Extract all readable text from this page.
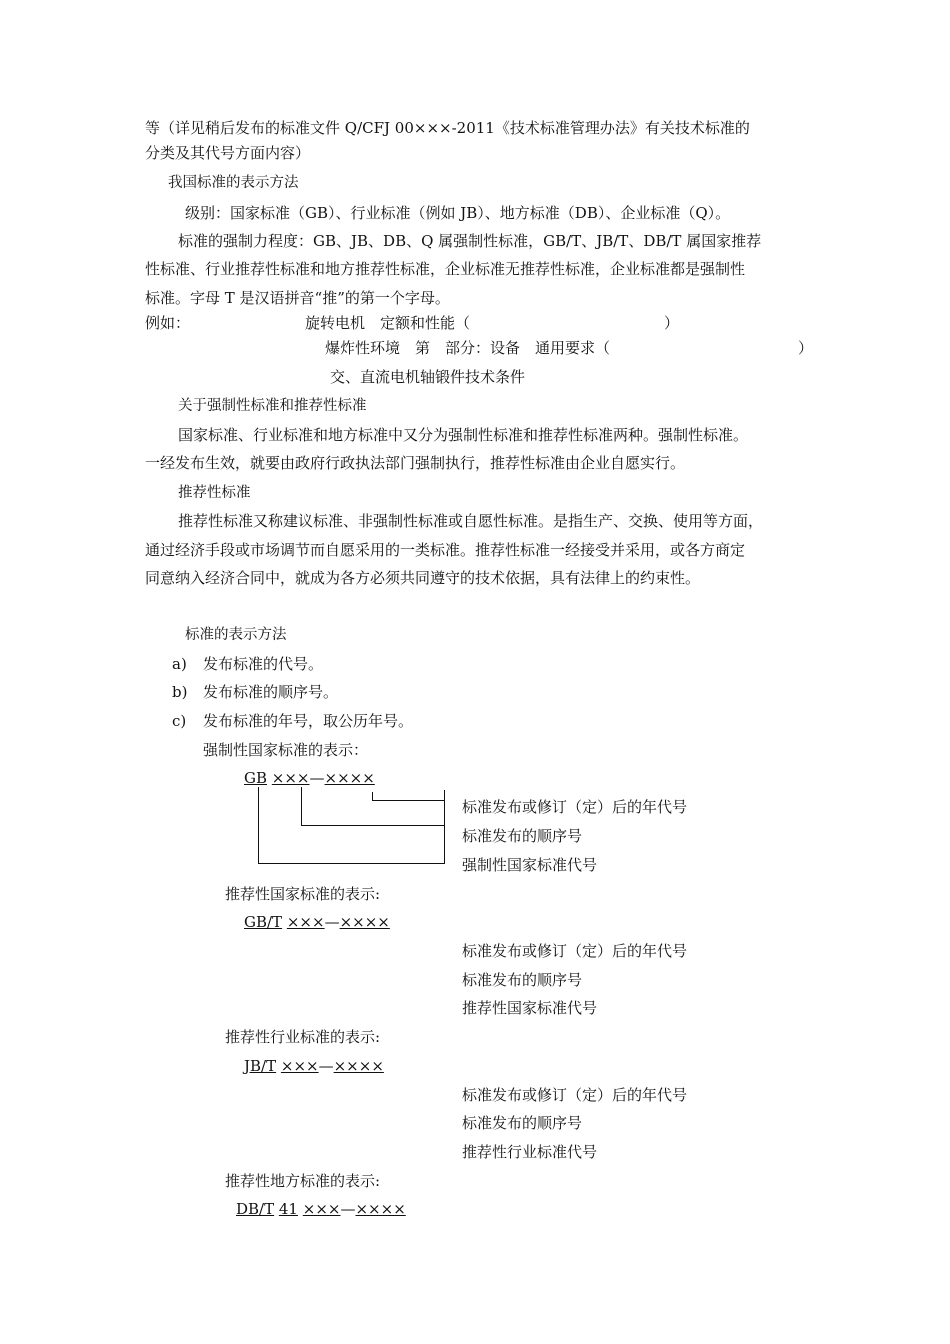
等（详见稍后发布的标准文件 Q/CFJ 00×××-2011《技术标准管理办法》有关技术标准的
分类及其代号方面内容）
我国标准的表示方法
级别：国家标准（GB）、行业标准（例如 JB）、地方标准（DB）、企业标准（Q）。
标准的强制力程度：GB、JB、DB、Q 属强制性标准，GB/T、JB/T、DB/T 属国家推荐
性标准、行业推荐性标准和地方推荐性标准，企业标准无推荐性标准，企业标准都是强制性
标准。字母 T 是汉语拼音“推”的第一个字母。
例如：	旋转电机　定额和性能（	）
爆炸性环境　第　部分：设备　通用要求（	）
交、直流电机轴锻件技术条件
关于强制性标准和推荐性标准
国家标准、行业标准和地方标准中又分为强制性标准和推荐性标准两种。强制性标准。
一经发布生效，就要由政府行政执法部门强制执行，推荐性标准由企业自愿实行。
推荐性标准
推荐性标准又称建议标准、非强制性标准或自愿性标准。是指生产、交换、使用等方面，
通过经济手段或市场调节而自愿采用的一类标准。推荐性标准一经接受并采用，或各方商定
同意纳入经济合同中，就成为各方必须共同遵守的技术依据，具有法律上的约束性。
标准的表示方法
a) 发布标准的代号。
b) 发布标准的顺序号。
c) 发布标准的年号，取公历年号。
强制性国家标准的表示：
GB ×××—××××
标准发布或修订（定）后的年代号
标准发布的顺序号
强制性国家标准代号
推荐性国家标准的表示:
GB/T ×××—××××
标准发布或修订（定）后的年代号
标准发布的顺序号
推荐性国家标准代号
推荐性行业标准的表示:
JB/T ×××—××××
标准发布或修订（定）后的年代号
标准发布的顺序号
推荐性行业标准代号
推荐性地方标准的表示:
DB/T 41 ×××—××××
